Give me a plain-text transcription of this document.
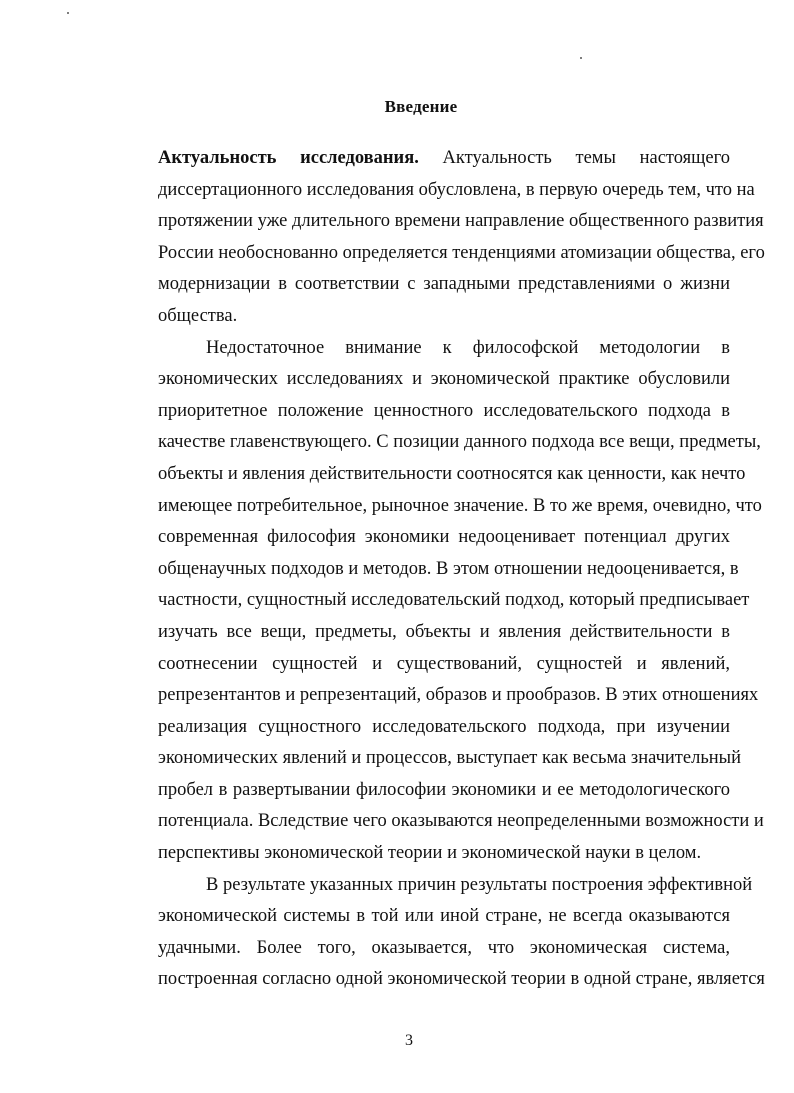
Введение
Актуальность исследования. Актуальность темы настоящего
диссертационного исследования обусловлена, в первую очередь тем, что на
протяжении уже длительного времени направление общественного развития
России необоснованно определяется тенденциями атомизации общества, его
модернизации в соответствии с западными представлениями о жизни
общества.
Недостаточное внимание к философской методологии в
экономических исследованиях и экономической практике обусловили
приоритетное положение ценностного исследовательского подхода в
качестве главенствующего. С позиции данного подхода все вещи, предметы,
объекты и явления действительности соотносятся как ценности, как нечто
имеющее потребительное, рыночное значение. В то же время, очевидно, что
современная философия экономики недооценивает потенциал других
общенаучных подходов и методов. В этом отношении недооценивается, в
частности, сущностный исследовательский подход, который предписывает
изучать все вещи, предметы, объекты и явления действительности в
соотнесении сущностей и существований, сущностей и явлений,
репрезентантов и репрезентаций, образов и прообразов. В этих отношениях
реализация сущностного исследовательского подхода, при изучении
экономических явлений и процессов, выступает как весьма значительный
пробел в развертывании философии экономики и ее методологического
потенциала. Вследствие чего оказываются неопределенными возможности и
перспективы экономической теории и экономической науки в целом.
В результате указанных причин результаты построения эффективной
экономической системы в той или иной стране, не всегда оказываются
удачными. Более того, оказывается, что экономическая система,
построенная согласно одной экономической теории в одной стране, является
3
